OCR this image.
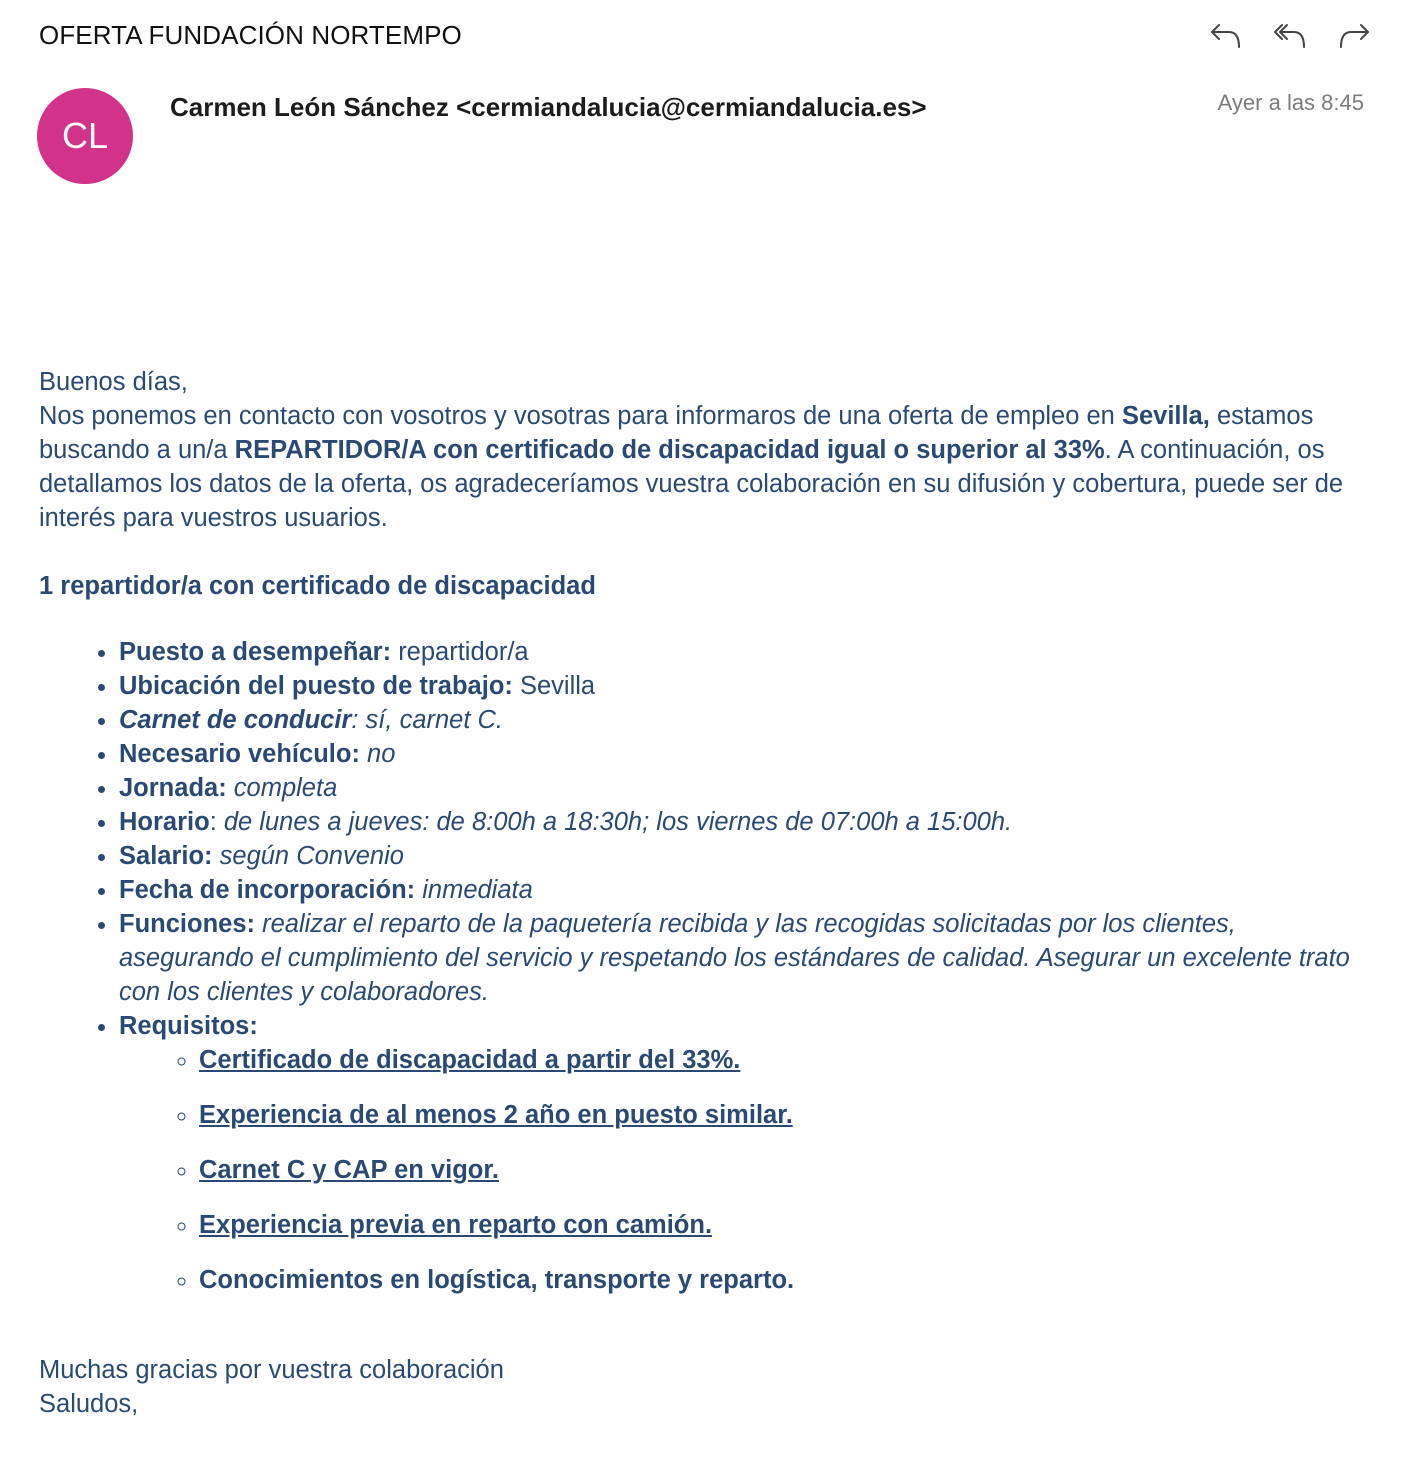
OFERTA FUNDACIÓN NORTEMPO
CL
Carmen León Sánchez <cermiandalucia@cermiandalucia.es>	Ayer a las 8:45

Buenos días,

Nos ponemos en contacto con vosotros y vosotras para informaros de una oferta de empleo en Sevilla, estamos buscando a un/a REPARTIDOR/A con certificado de discapacidad igual o superior al 33%. A continuación, os detallamos los datos de la oferta, os agradeceríamos vuestra colaboración en su difusión y cobertura, puede ser de interés para vuestros usuarios.

1 repartidor/a con certificado de discapacidad

• Puesto a desempeñar: repartidor/a
• Ubicación del puesto de trabajo: Sevilla
• Carnet de conducir: sí, carnet C.
• Necesario vehículo: no
• Jornada: completa
• Horario: de lunes a jueves: de 8:00h a 18:30h; los viernes de 07:00h a 15:00h.
• Salario: según Convenio
• Fecha de incorporación: inmediata
• Funciones: realizar el reparto de la paquetería recibida y las recogidas solicitadas por los clientes, asegurando el cumplimiento del servicio y respetando los estándares de calidad. Asegurar un excelente trato con los clientes y colaboradores.
• Requisitos:
◦ Certificado de discapacidad a partir del 33%.
◦ Experiencia de al menos 2 año en puesto similar.
◦ Carnet C y CAP en vigor.
◦ Experiencia previa en reparto con camión.
◦ Conocimientos en logística, transporte y reparto.

Muchas gracias por vuestra colaboración

Saludos,
